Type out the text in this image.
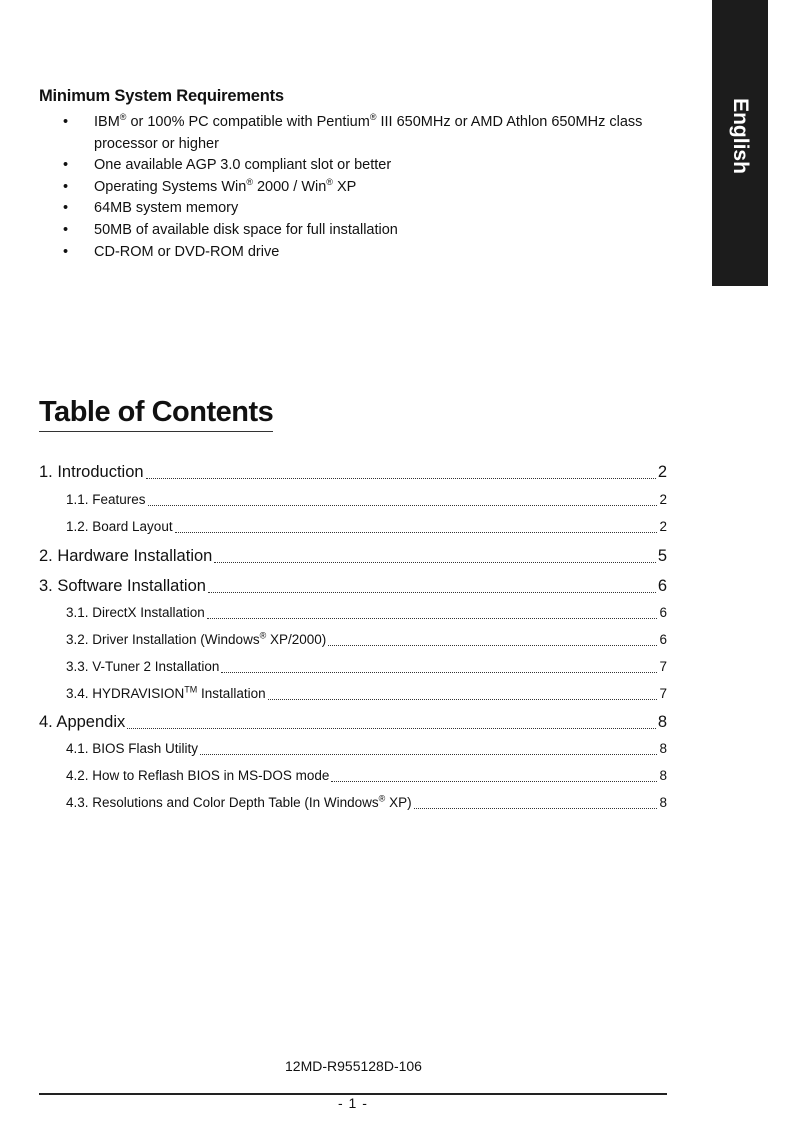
English
Minimum System Requirements
• IBM® or 100% PC compatible with Pentium® III 650MHz or AMD Athlon 650MHz class
processor or higher
• One available AGP 3.0 compliant slot or better
• Operating Systems Win® 2000 / Win® XP
• 64MB system memory
• 50MB of available disk space for full installation
• CD-ROM or DVD-ROM drive
Table of Contents
1. Introduction	2
1.1. Features	2
1.2. Board Layout	2
2. Hardware Installation	5
3. Software Installation	6
3.1. DirectX Installation	6
3.2. Driver Installation (Windows® XP/2000)	6
3.3. V-Tuner 2 Installation	7
3.4. HYDRAVISION™ Installation	7
4. Appendix	8
4.1. BIOS Flash Utility	8
4.2. How to Reflash BIOS in MS-DOS mode	8
4.3. Resolutions and Color Depth Table (In Windows® XP)	8
12MD-R955128D-106
- 1 -
